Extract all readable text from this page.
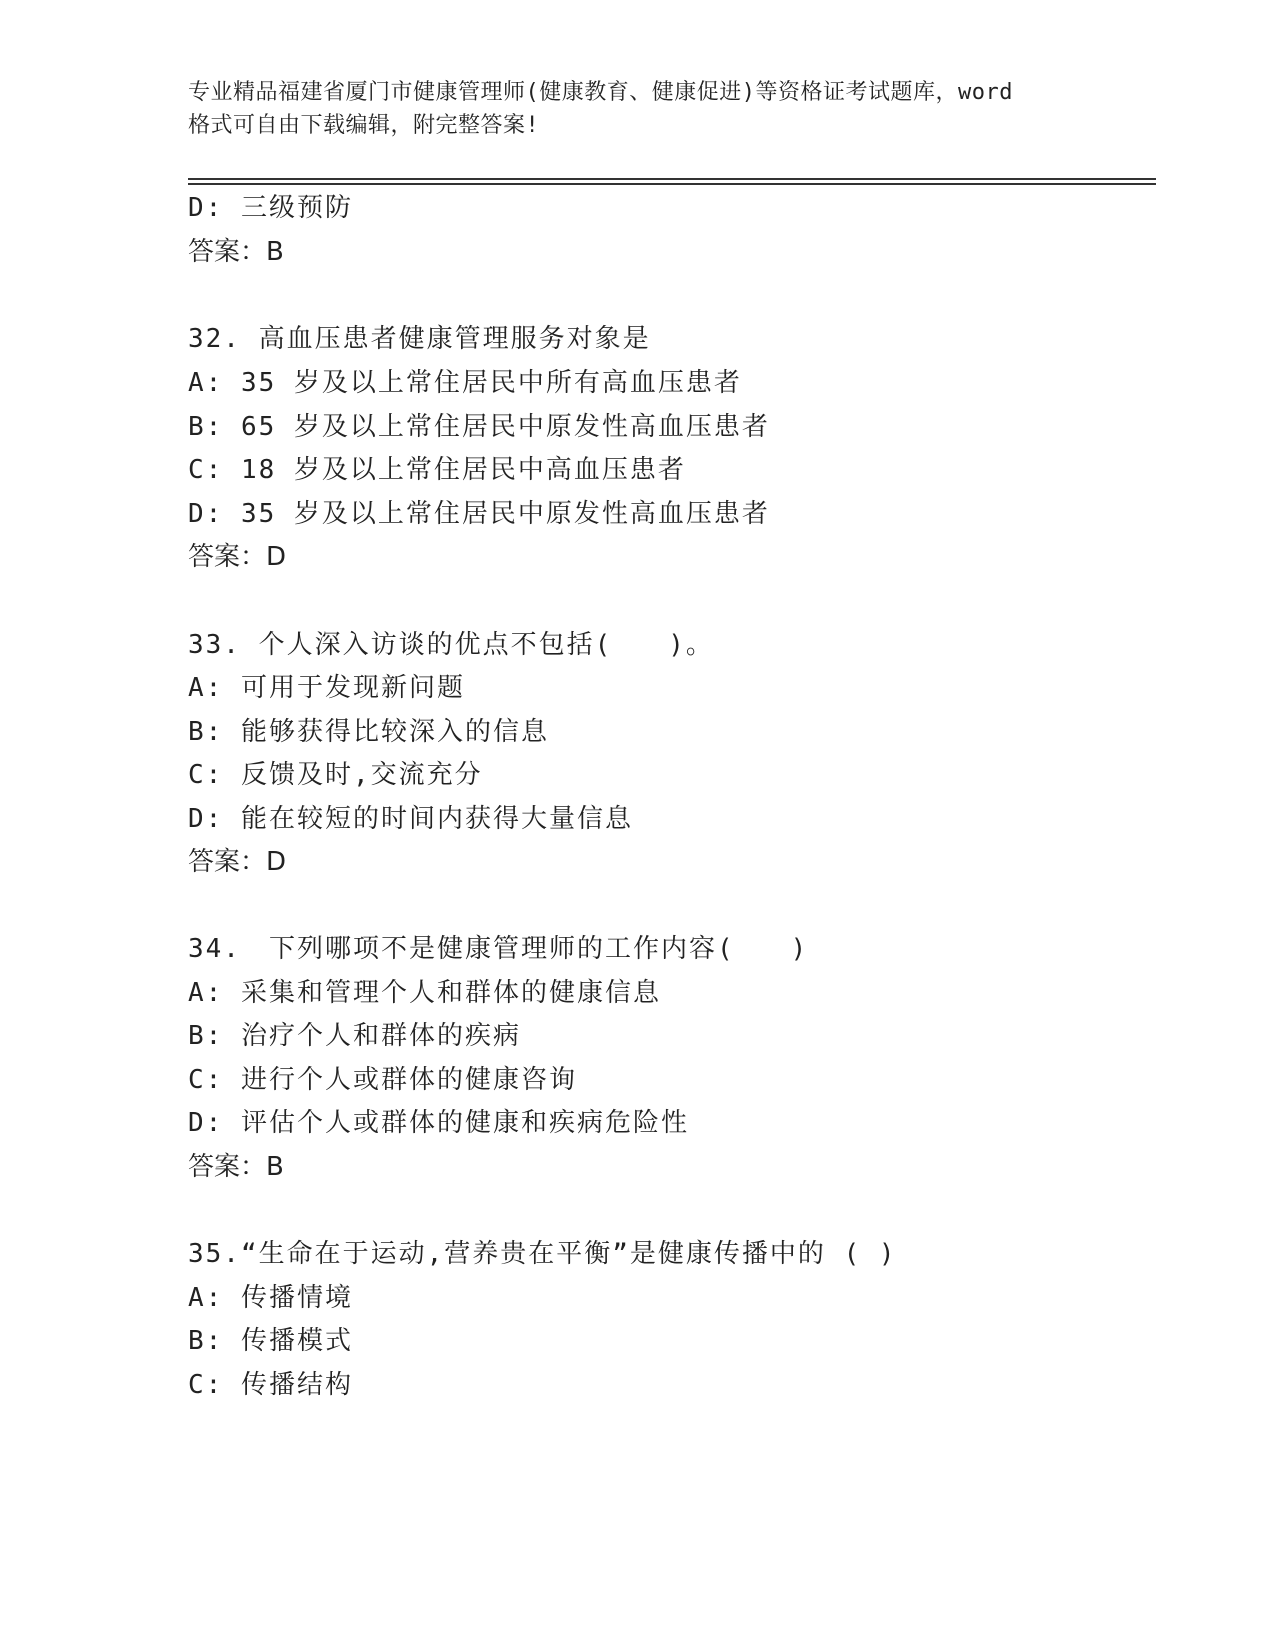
专业精品福建省厦门市健康管理师(健康教育、健康促进)等资格证考试题库，word
格式可自由下载编辑，附完整答案!
D: 三级预防
答案：B
32. 高血压患者健康管理服务对象是
A: 35 岁及以上常住居民中所有高血压患者
B: 65 岁及以上常住居民中原发性高血压患者
C: 18 岁及以上常住居民中高血压患者
D: 35 岁及以上常住居民中原发性高血压患者
答案：D
33. 个人深入访谈的优点不包括(　　)。
A: 可用于发现新问题
B: 能够获得比较深入的信息
C: 反馈及时,交流充分
D: 能在较短的时间内获得大量信息
答案：D
34.　下列哪项不是健康管理师的工作内容(　　)
A: 采集和管理个人和群体的健康信息
B: 治疗个人和群体的疾病
C: 进行个人或群体的健康咨询
D: 评估个人或群体的健康和疾病危险性
答案：B
35.“生命在于运动,营养贵在平衡”是健康传播中的 ( )
A: 传播情境
B: 传播模式
C: 传播结构
